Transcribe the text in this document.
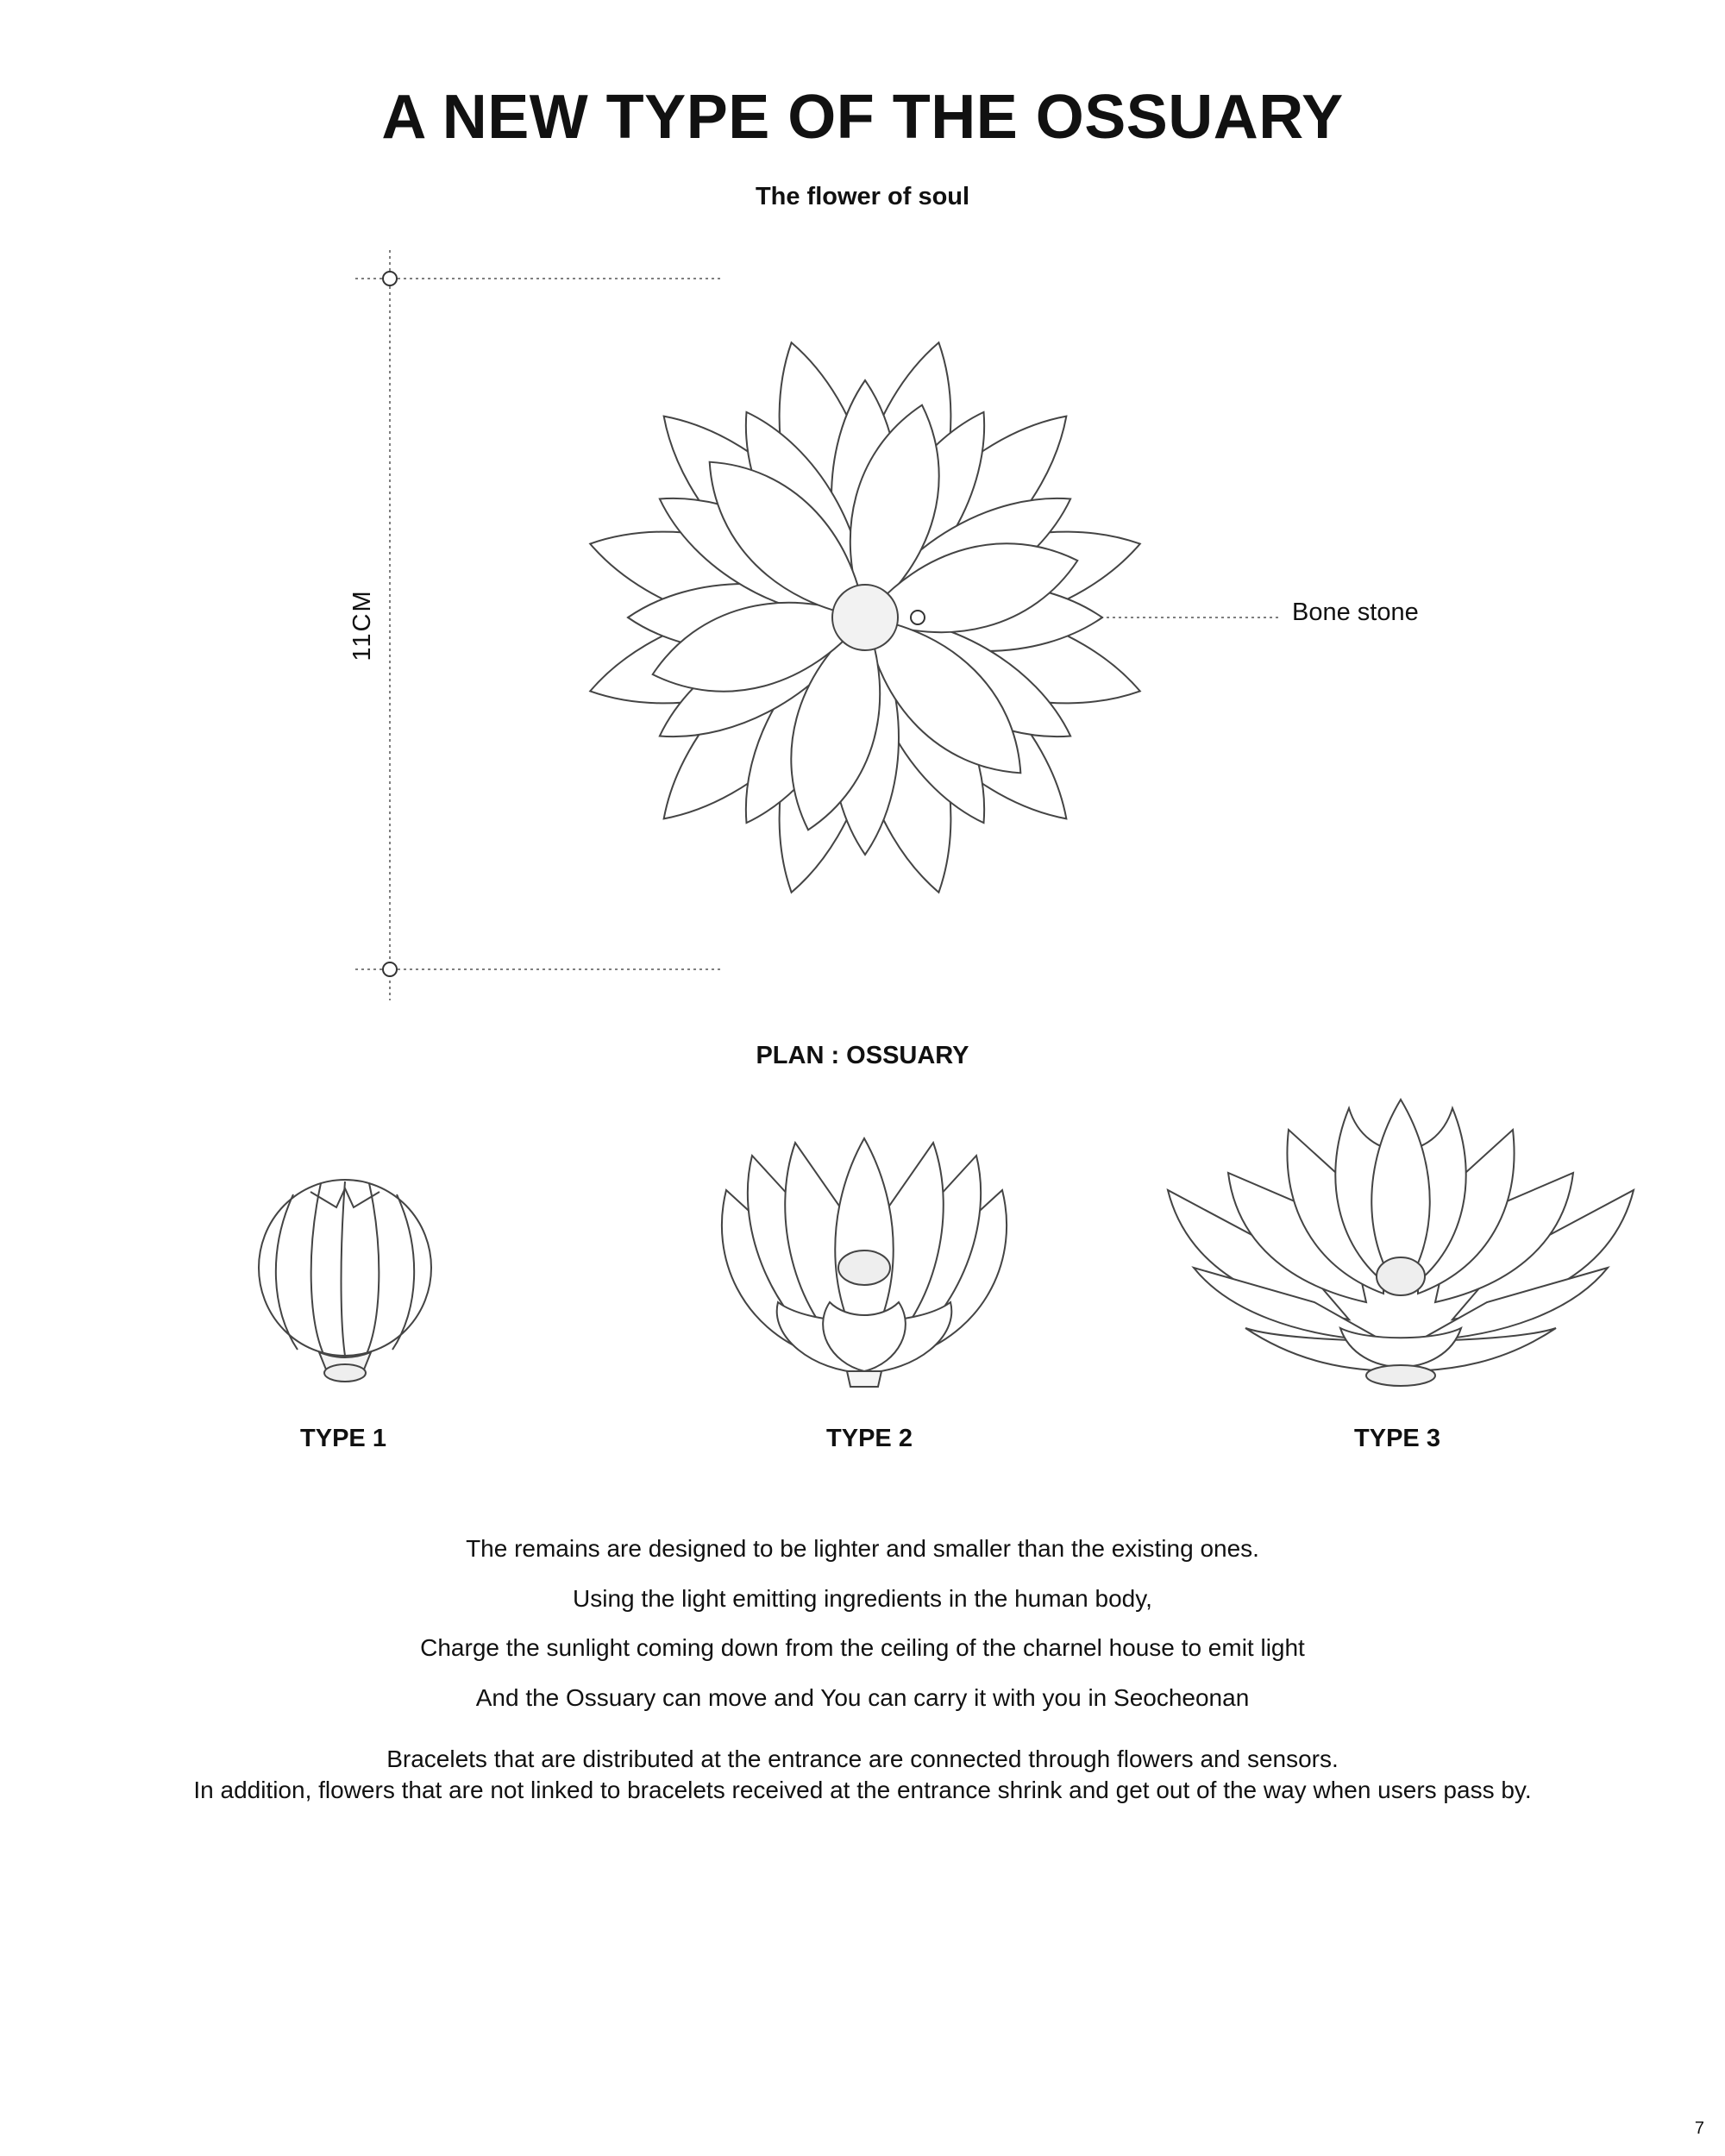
A NEW TYPE OF THE OSSUARY
The flower of soul
11CM	Bone stone
PLAN : OSSUARY
TYPE 1	TYPE 2	TYPE 3
The remains are designed to be lighter and smaller than the existing ones.
Using the light emitting ingredients in the human body,
Charge the sunlight coming down from the ceiling of the charnel house to emit light
And the Ossuary can move and You can carry it with you in Seocheonan
Bracelets that are distributed at the entrance are connected through flowers and sensors.
In addition, flowers that are not linked to bracelets received at the entrance shrink and get out of the way when users pass by.
7
